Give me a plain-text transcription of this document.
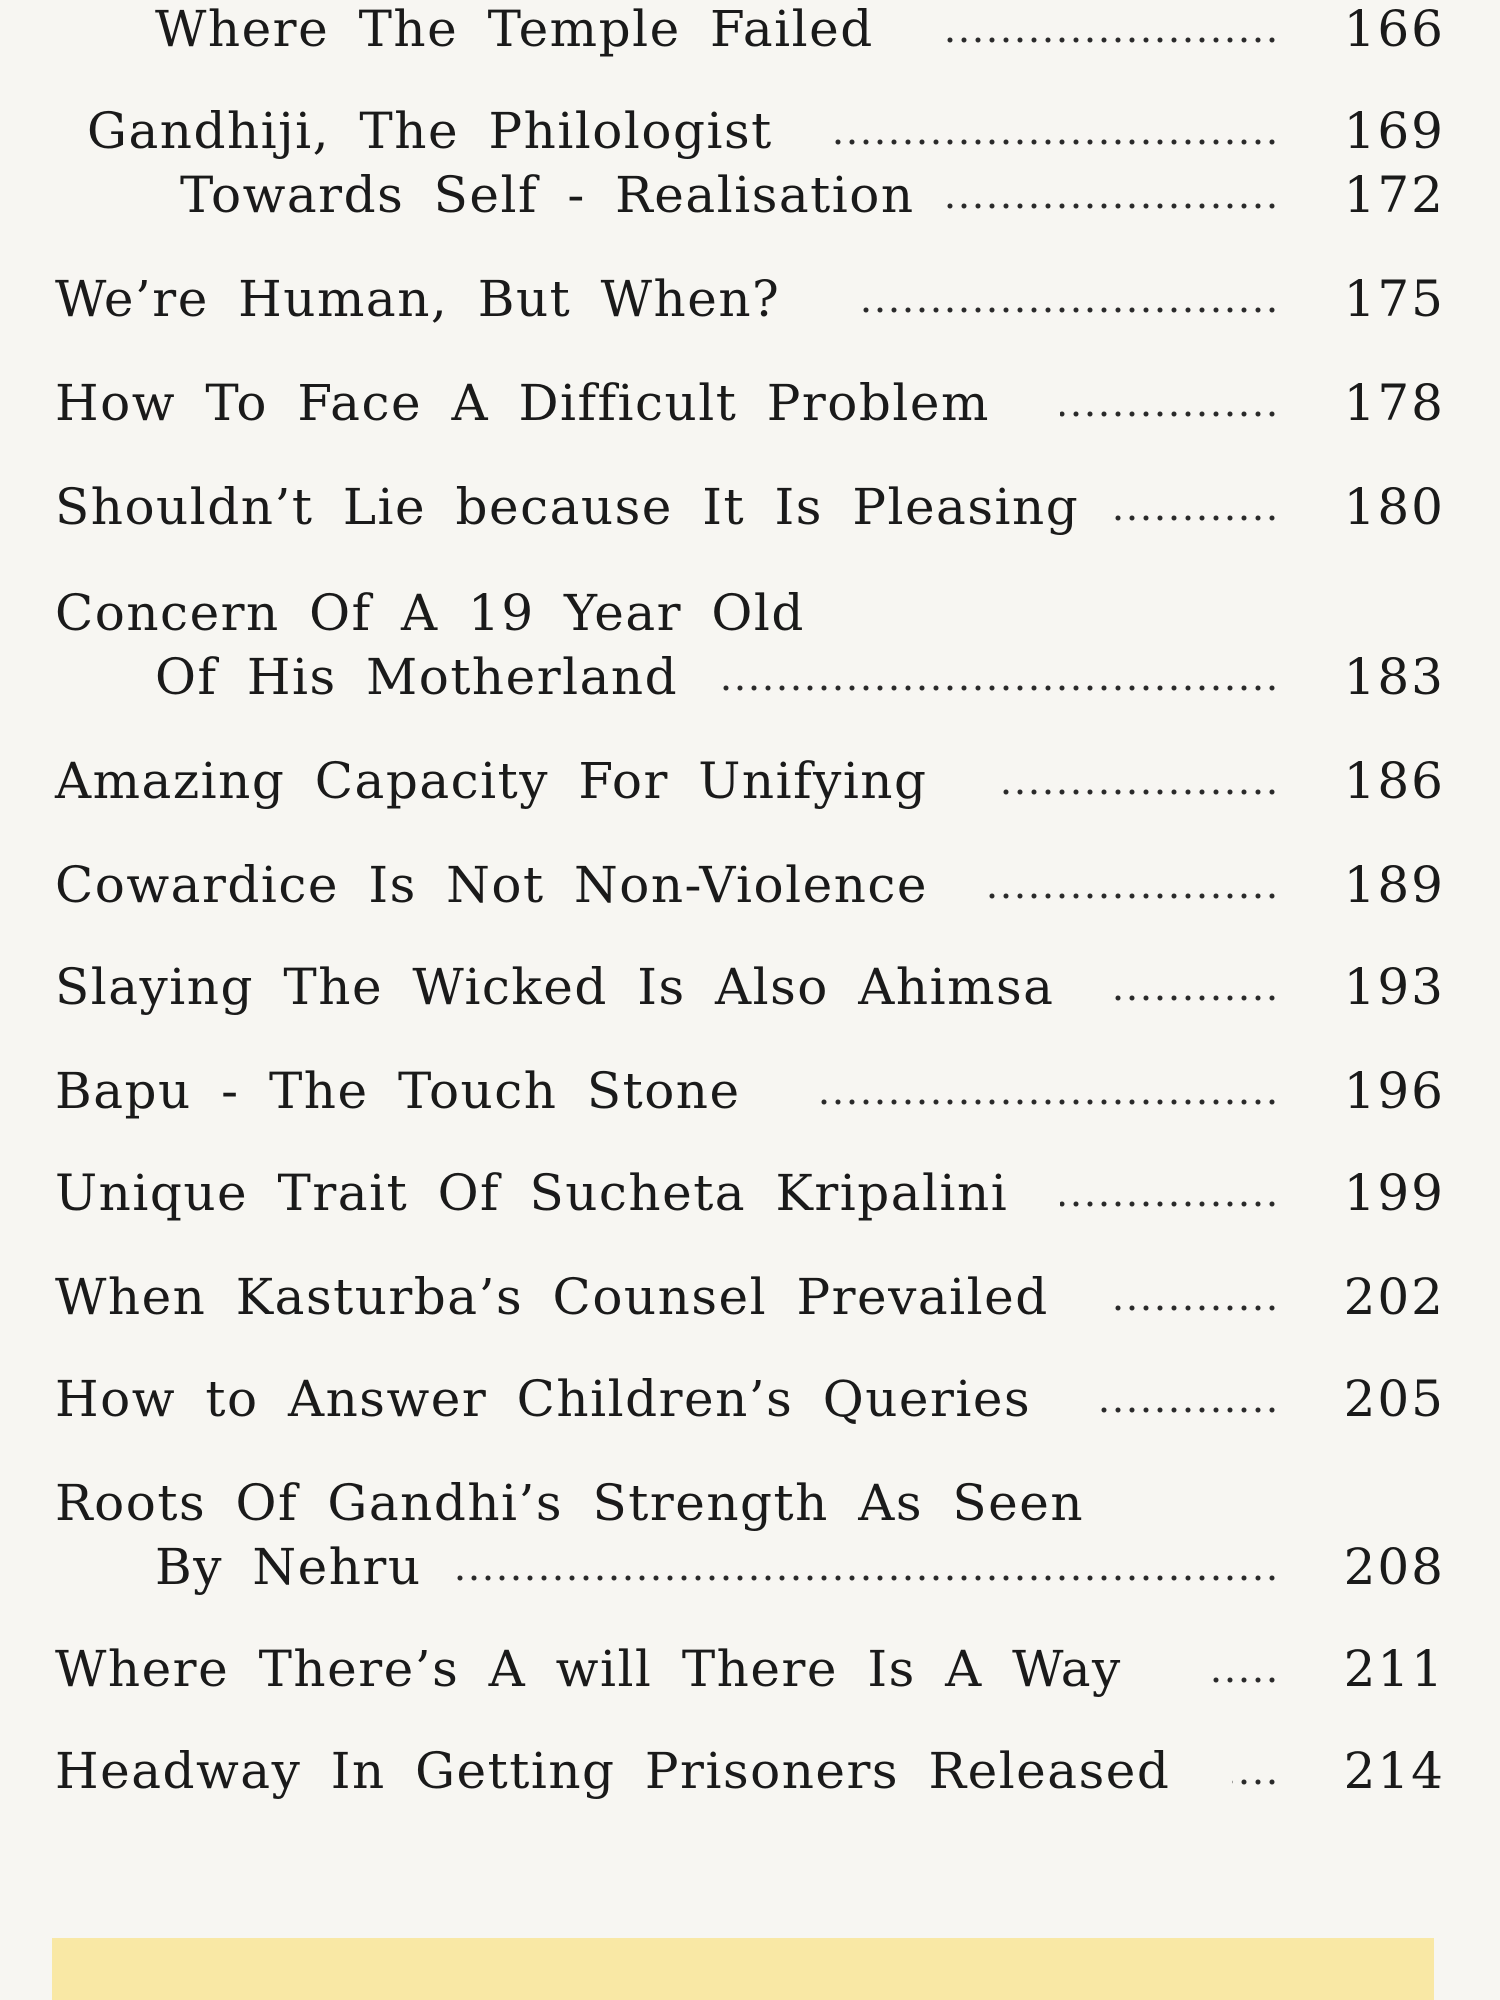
Where The Temple Failed	166
Gandhiji, The Philologist	169
Towards Self - Realisation	172
We’re Human, But When?	175
How To Face A Difficult Problem	178
Shouldn’t Lie because It Is Pleasing	180
Concern Of A 19 Year Old
Of His Motherland	183
Amazing Capacity For Unifying	186
Cowardice Is Not Non-Violence	189
Slaying The Wicked Is Also Ahimsa	193
Bapu - The Touch Stone	196
Unique Trait Of Sucheta Kripalini	199
When Kasturba’s Counsel Prevailed	202
How to Answer Children’s Queries	205
Roots Of Gandhi’s Strength As Seen
By Nehru	208
Where There’s A will There Is A Way	211
Headway In Getting Prisoners Released	214
